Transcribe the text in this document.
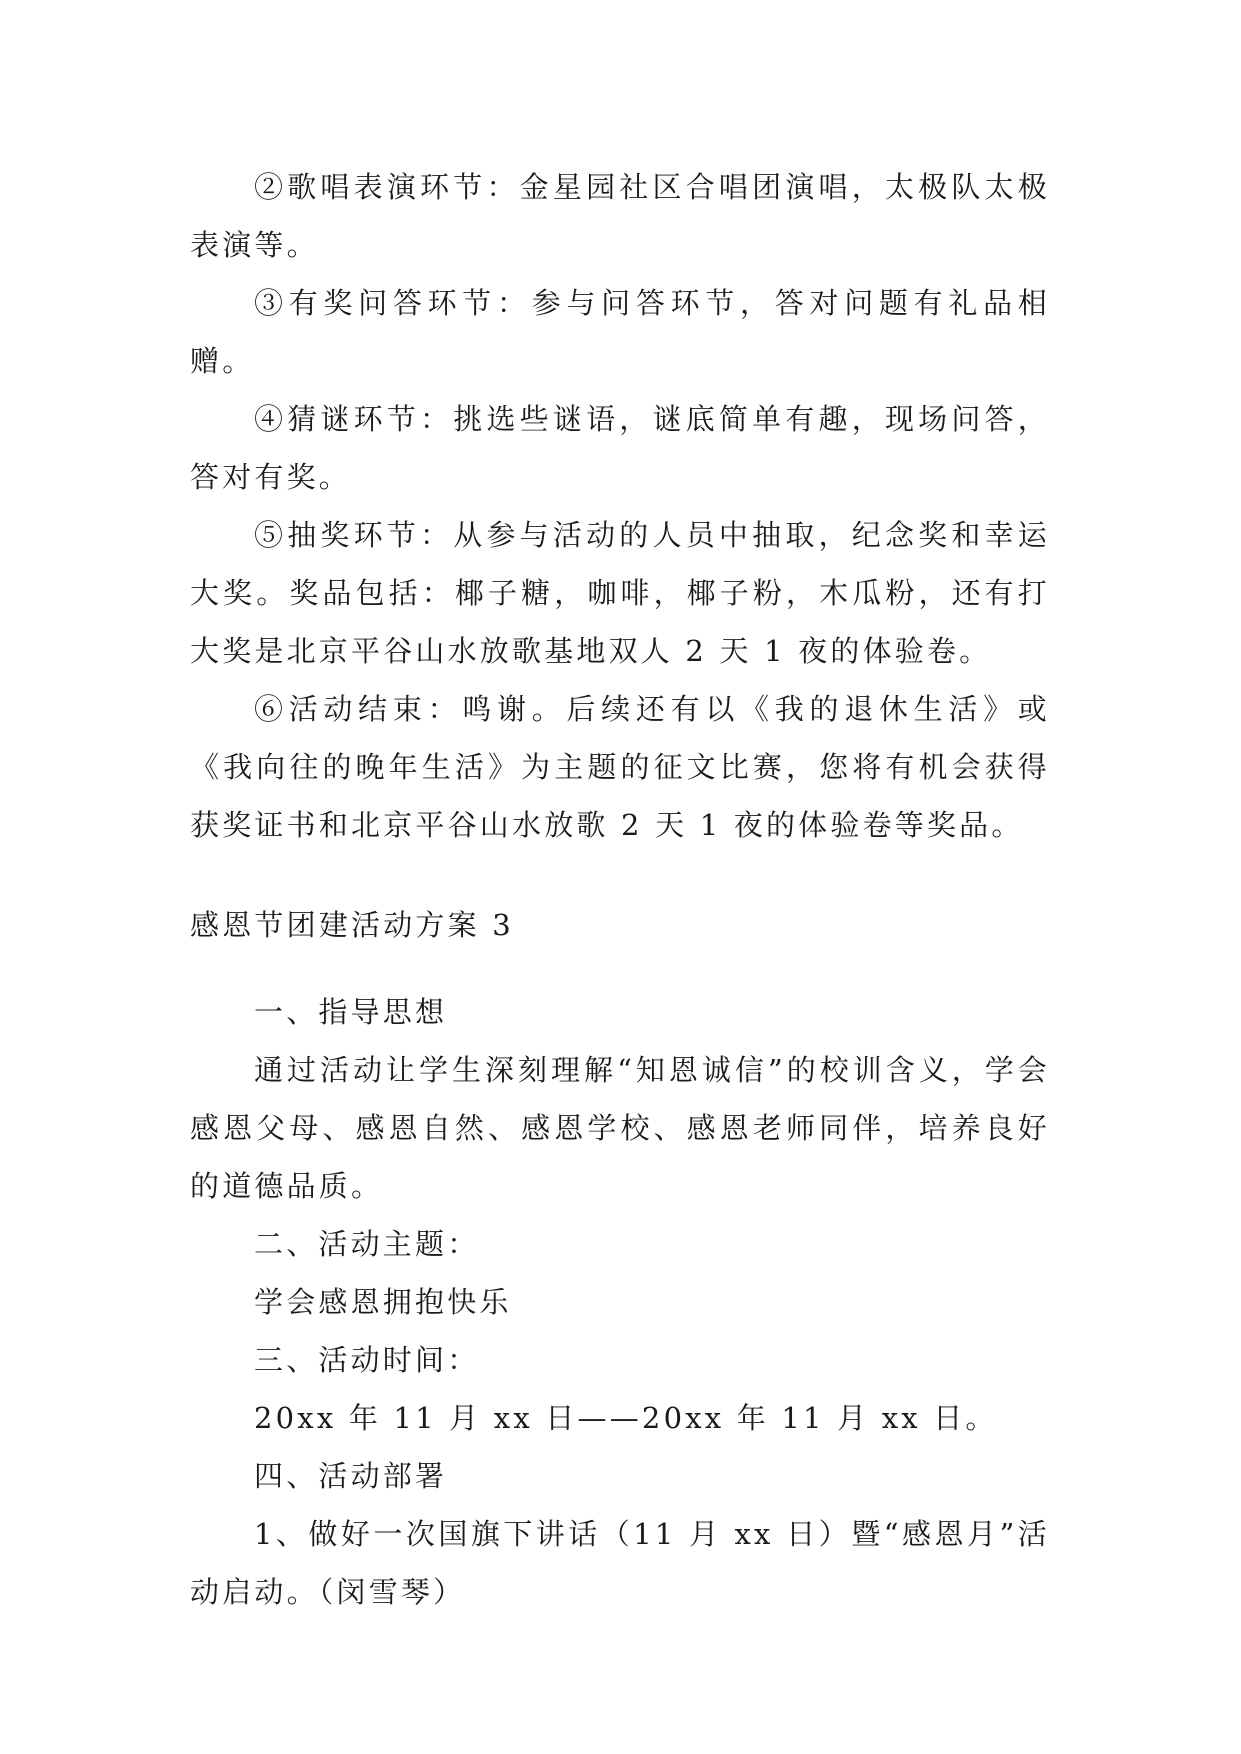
②歌唱表演环节：金星园社区合唱团演唱，太极队太极表演等。

③有奖问答环节：参与问答环节，答对问题有礼品相赠。

④猜谜环节：挑选些谜语，谜底简单有趣，现场问答，答对有奖。

⑤抽奖环节：从参与活动的人员中抽取，纪念奖和幸运大奖。奖品包括：椰子糖，咖啡，椰子粉，木瓜粉，还有打大奖是北京平谷山水放歌基地双人 2 天 1 夜的体验卷。

⑥活动结束：鸣谢。后续还有以《我的退休生活》或《我向往的晚年生活》为主题的征文比赛，您将有机会获得获奖证书和北京平谷山水放歌 2 天 1 夜的体验卷等奖品。

感恩节团建活动方案 3

一、指导思想

通过活动让学生深刻理解“知恩诚信”的校训含义，学会感恩父母、感恩自然、感恩学校、感恩老师同伴，培养良好的道德品质。

二、活动主题：

学会感恩拥抱快乐

三、活动时间：

20xx 年 11 月 xx 日——20xx 年 11 月 xx 日。

四、活动部署

1、做好一次国旗下讲话（11 月 xx 日）暨“感恩月”活动启动。（闵雪琴）
